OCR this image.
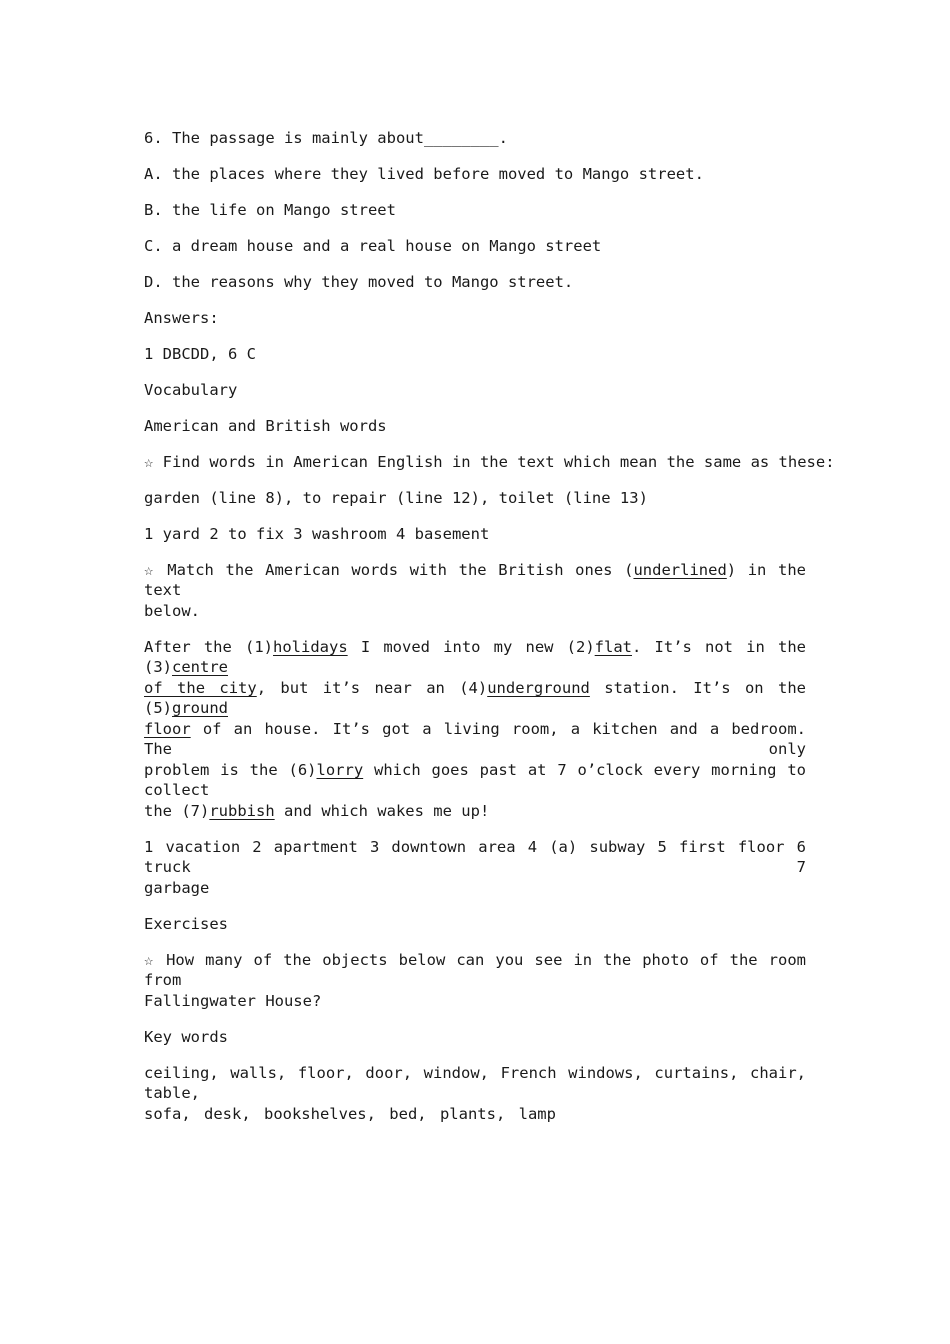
6. The passage is mainly about________.
A. the places where they lived before moved to Mango street.
B. the life on Mango street
C. a dream house and a real house on Mango street
D. the reasons why they moved to Mango street.
Answers:
1 DBCDD, 6 C
Vocabulary
American and British words
☆ Find words in American English in the text which mean the same as these:
garden (line 8), to repair (line 12), toilet (line 13)
1 yard 2 to fix 3 washroom 4 basement
☆ Match the American words with the British ones (underlined) in the text
below.
After the (1)holidays I moved into my new (2)flat. It’s not in the (3)centre
of the city, but it’s near an (4)underground station. It’s on the (5)ground
floor of an house. It’s got a living room, a kitchen and a bedroom. The only
problem is the (6)lorry which goes past at 7 o’clock every morning to collect
the (7)rubbish and which wakes me up!
1 vacation 2 apartment 3 downtown area 4 (a) subway 5 first floor 6 truck 7
garbage
Exercises
☆ How many of the objects below can you see in the photo of the room from
Fallingwater House?
Key words
ceiling, walls, floor, door, window, French windows, curtains, chair, table,
sofa, desk, bookshelves, bed, plants, lamp
